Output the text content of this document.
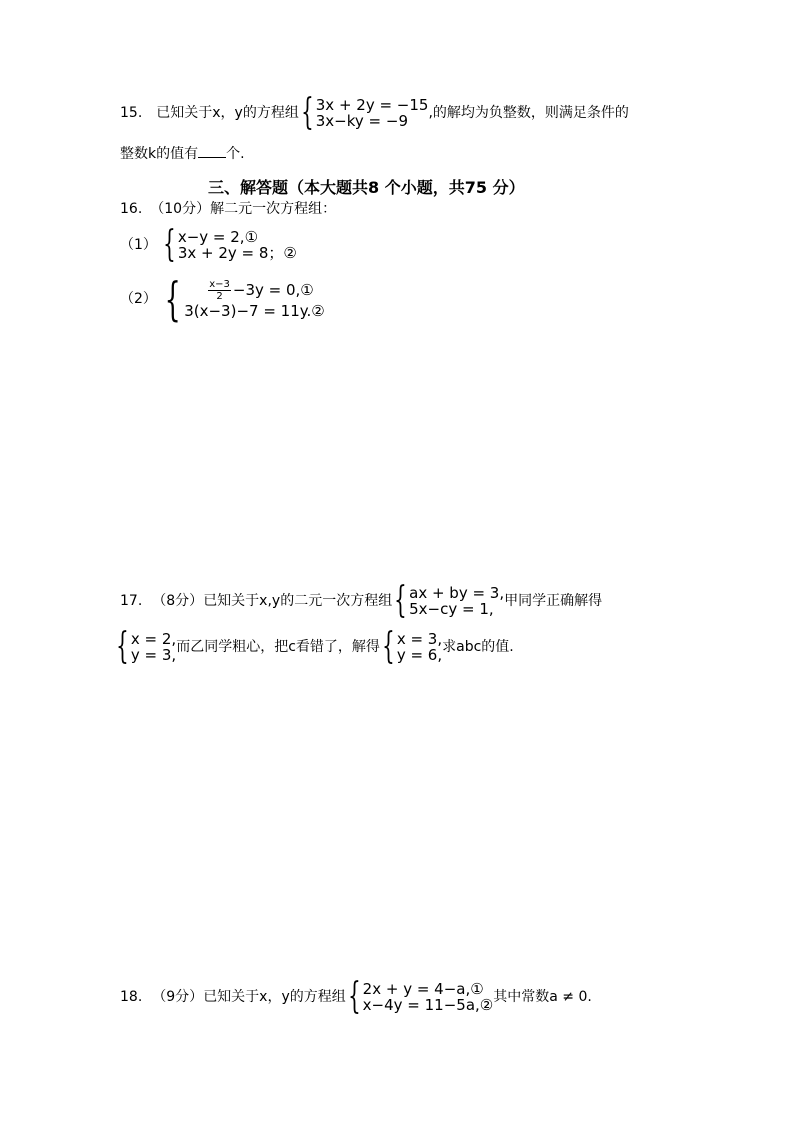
15. 已知关于x，y的方程组 { 3x + 2y = −15
3x−ky = −9	,的解均为负整数，则满足条件的
整数k的值有 个.
三、解答题（本大题共8 个小题，共75 分）
16. （10分）解二元一次方程组：
（1） { x−y = 2,①
3x + 2y = 8；②
（2） {	$\frac{x-3}{2} -3y$ = 0,①
3(x−3)−7 = 11y.②
17. （8分） 已知关于x,y的二元一次方程组 { ax + by = 3,
5x−cy = 1, 甲同学正确解得
{ x = 2,
y = 3, 而乙同学粗心，把c看错了，解得 { x = 3,
y = 6, 求abc的值.
18. （9分） 已知关于x，y的方程组 { 2x + y = 4−a,①
x−4y = 11−5a,② 其中常数a ≠ 0.
